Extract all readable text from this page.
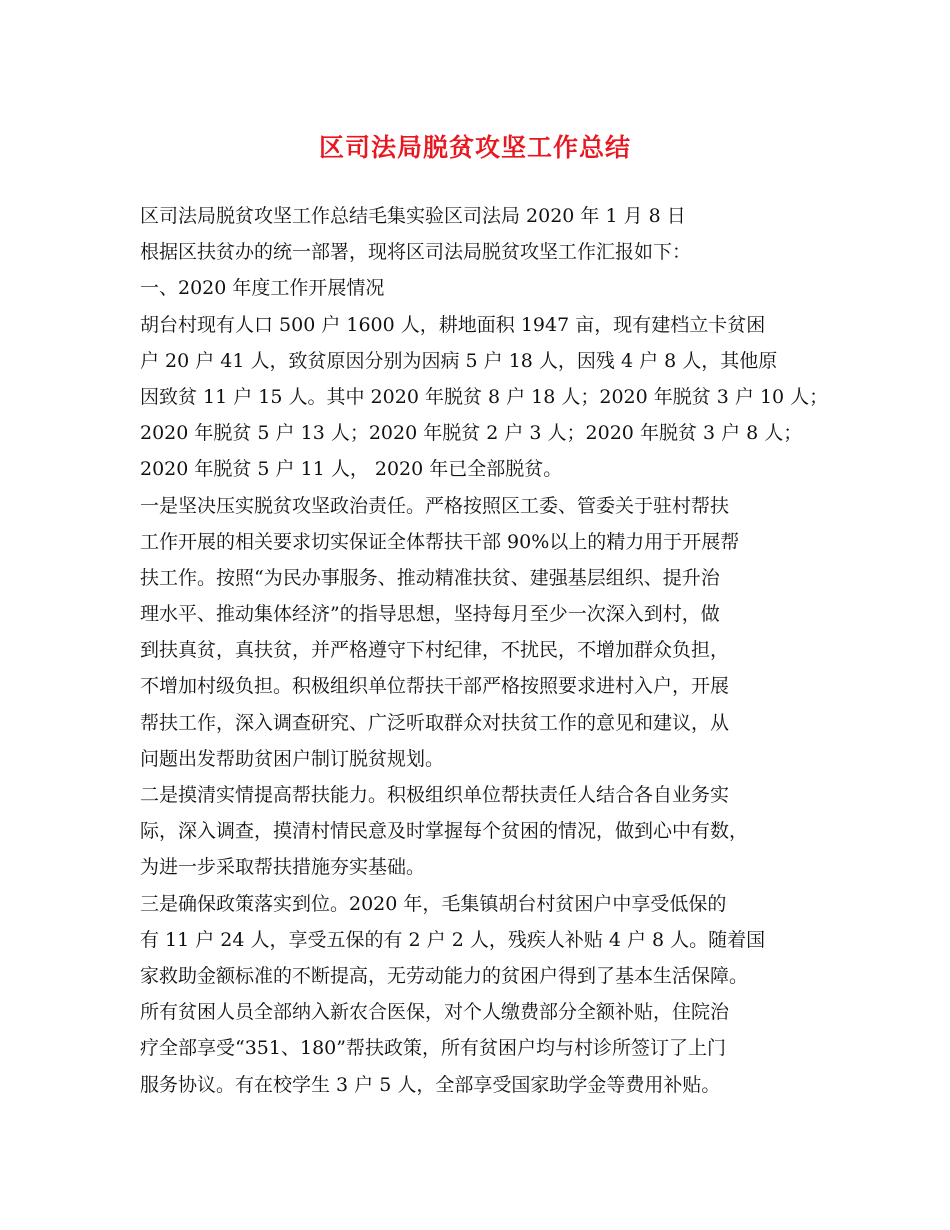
区司法局脱贫攻坚工作总结
区司法局脱贫攻坚工作总结毛集实验区司法局 2020 年 1 月 8 日
根据区扶贫办的统一部署，现将区司法局脱贫攻坚工作汇报如下：
一、2020 年度工作开展情况
胡台村现有人口 500 户 1600 人，耕地面积 1947 亩，现有建档立卡贫困
户 20 户 41 人，致贫原因分别为因病 5 户 18 人，因残 4 户 8 人，其他原
因致贫 11 户 15 人。其中 2020 年脱贫 8 户 18 人；2020 年脱贫 3 户 10 人；
2020 年脱贫 5 户 13 人；2020 年脱贫 2 户 3 人；2020 年脱贫 3 户 8 人；
2020 年脱贫 5 户 11 人， 2020 年已全部脱贫。
一是坚决压实脱贫攻坚政治责任。严格按照区工委、管委关于驻村帮扶
工作开展的相关要求切实保证全体帮扶干部 90%以上的精力用于开展帮
扶工作。按照“为民办事服务、推动精准扶贫、建强基层组织、提升治
理水平、推动集体经济”的指导思想，坚持每月至少一次深入到村，做
到扶真贫，真扶贫，并严格遵守下村纪律，不扰民，不增加群众负担，
不增加村级负担。积极组织单位帮扶干部严格按照要求进村入户，开展
帮扶工作，深入调查研究、广泛听取群众对扶贫工作的意见和建议，从
问题出发帮助贫困户制订脱贫规划。
二是摸清实情提高帮扶能力。积极组织单位帮扶责任人结合各自业务实
际，深入调查，摸清村情民意及时掌握每个贫困的情况，做到心中有数，
为进一步采取帮扶措施夯实基础。
三是确保政策落实到位。2020 年，毛集镇胡台村贫困户中享受低保的
有 11 户 24 人，享受五保的有 2 户 2 人，残疾人补贴 4 户 8 人。随着国
家救助金额标准的不断提高，无劳动能力的贫困户得到了基本生活保障。
所有贫困人员全部纳入新农合医保，对个人缴费部分全额补贴，住院治
疗全部享受“351、180”帮扶政策，所有贫困户均与村诊所签订了上门
服务协议。有在校学生 3 户 5 人，全部享受国家助学金等费用补贴。
